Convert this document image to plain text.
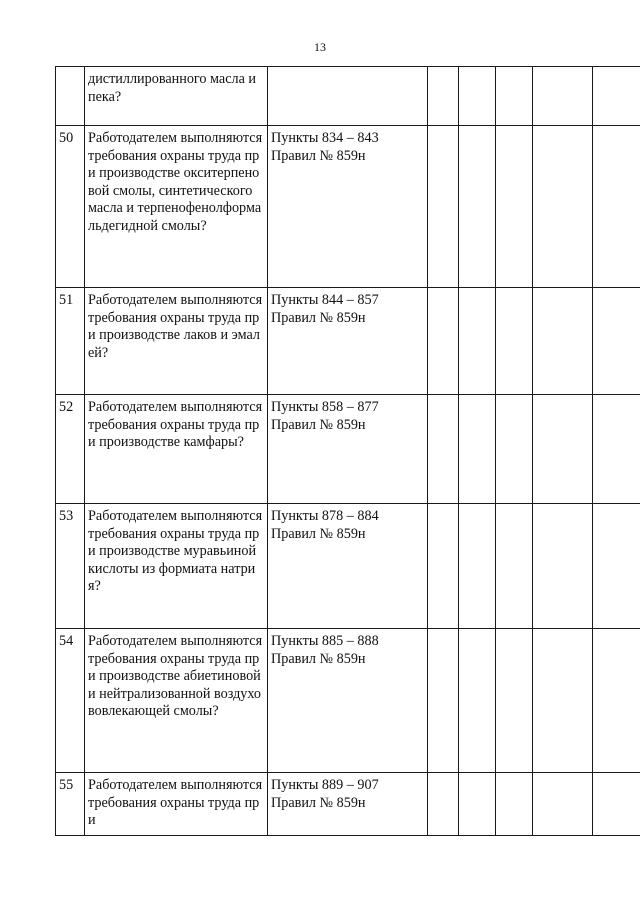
13
	дистиллированного масла и пека?						
50	Работодателем выполняются требования охраны труда при производстве окситерпеновой смолы, синтетического масла и терпенофенолформальдегидной смолы?	Пункты 834 – 843 Правил № 859н					
51	Работодателем выполняются требования охраны труда при производстве лаков и эмалей?	Пункты 844 – 857 Правил № 859н					
52	Работодателем выполняются требования охраны труда при производстве камфары?	Пункты 858 – 877 Правил № 859н					
53	Работодателем выполняются требования охраны труда при производстве муравьиной кислоты из формиата натрия?	Пункты 878 – 884 Правил № 859н					
54	Работодателем выполняются требования охраны труда при производстве абиетиновой и нейтрализованной воздухововлекающей смолы?	Пункты 885 – 888 Правил № 859н					
55	Работодателем выполняются требования охраны труда при	Пункты 889 – 907 Правил № 859н					
